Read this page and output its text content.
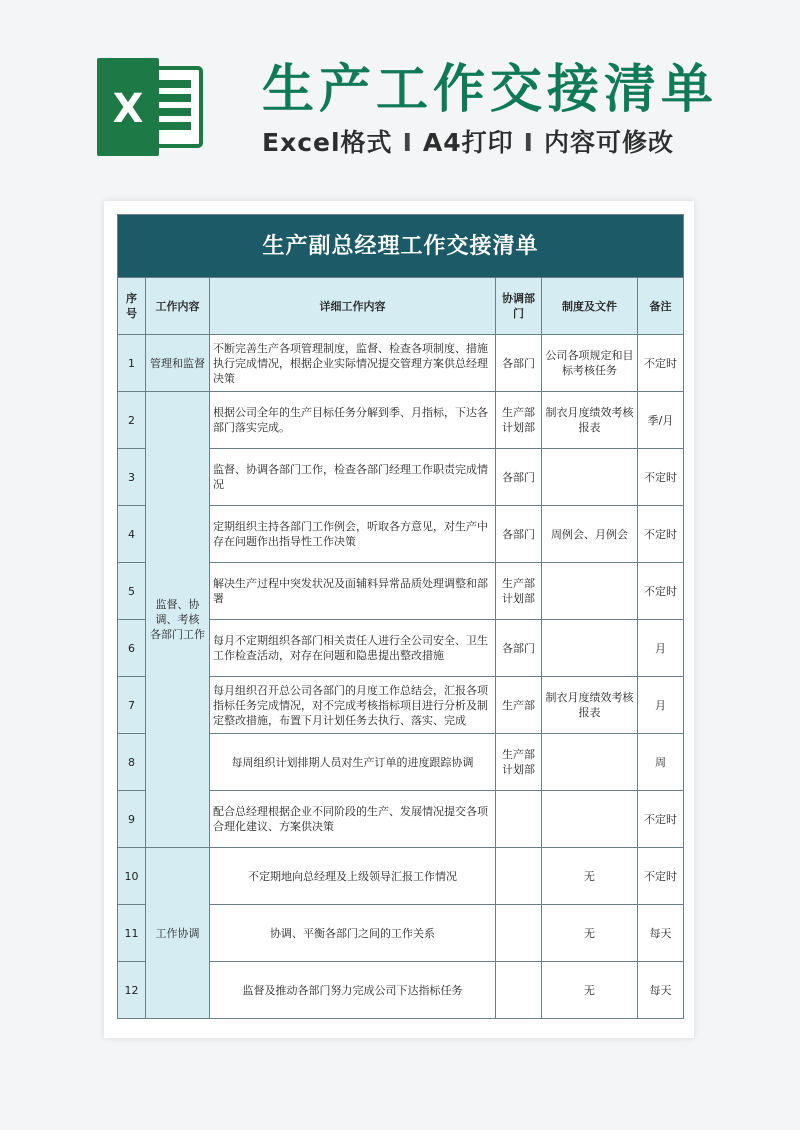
X 生产工作交接清单
Excel格式 I A4打印 I 内容可修改
生产副总经理工作交接清单					
序号	工作内容	详细工作内容	协调部门	制度及文件	备注
1	管理和监督	不断完善生产各项管理制度，监督、检查各项制度、措施执行完成情况，根据企业实际情况提交管理方案供总经理决策	各部门	公司各项规定和目标考核任务	不定时
2	监督、协调、考核 各部门工作	根据公司全年的生产目标任务分解到季、月指标，下达各部门落实完成。	生产部计划部	制衣月度绩效考核报表	季/月
3		监督、协调各部门工作，检查各部门经理工作职责完成情况	各部门		不定时
4		定期组织主持各部门工作例会，听取各方意见，对生产中存在问题作出指导性工作决策	各部门	周例会、月例会	不定时
5		解决生产过程中突发状况及面辅料异常品质处理调整和部署	生产部计划部		不定时
6		每月不定期组织各部门相关责任人进行全公司安全、卫生工作检查活动，对存在问题和隐患提出整改措施	各部门		月
7		每月组织召开总公司各部门的月度工作总结会，汇报各项指标任务完成情况，对不完成考核指标项目进行分析及制定整改措施，布置下月计划任务去执行、落实、完成	生产部	制衣月度绩效考核报表	月
8		每周组织计划排期人员对生产订单的进度跟踪协调	生产部计划部		周
9		配合总经理根据企业不同阶段的生产、发展情况提交各项合理化建议、方案供决策			不定时
10	工作协调	不定期地向总经理及上级领导汇报工作情况		无	不定时
11		协调、平衡各部门之间的工作关系		无	每天
12		监督及推动各部门努力完成公司下达指标任务		无	每天
